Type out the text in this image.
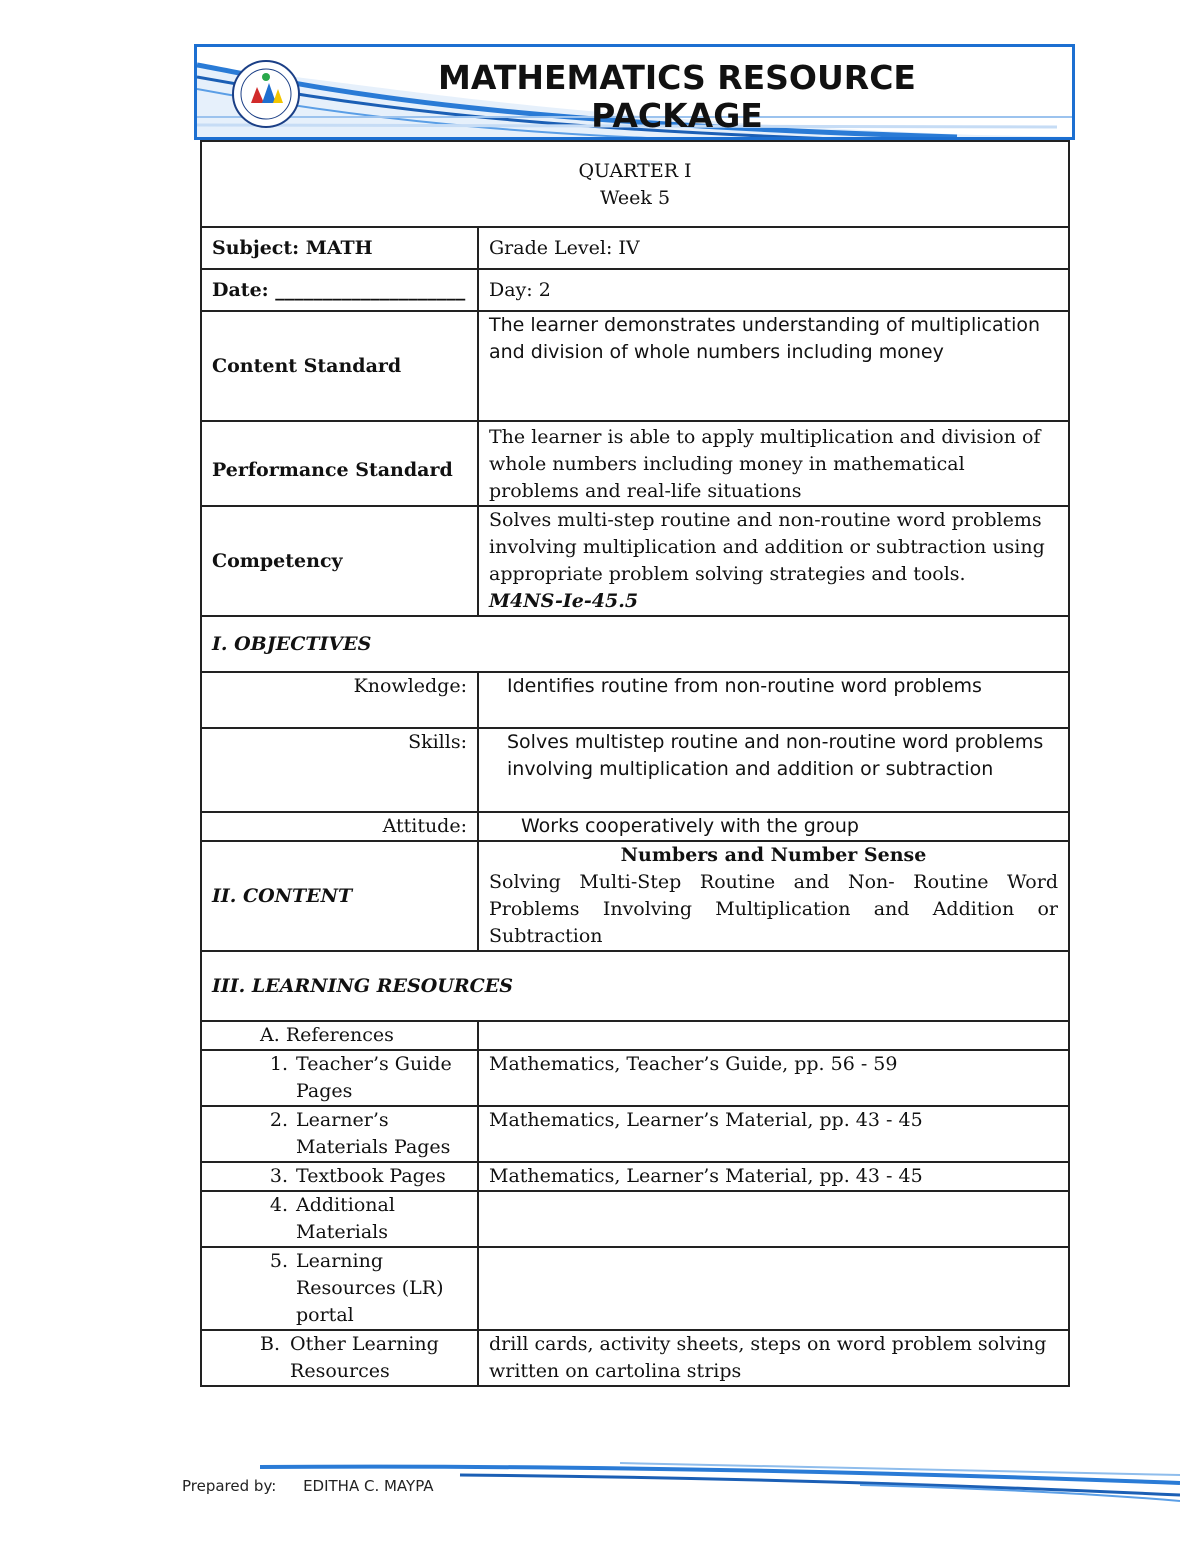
MATHEMATICS RESOURCE
PACKAGE
QUARTER I
Week 5	

Subject: MATH	Grade Level: IV
Date: ____________________	Day: 2
Content Standard	The learner demonstrates understanding of multiplication and division of whole numbers including money
Performance Standard	The learner is able to apply multiplication and division of whole numbers including money in mathematical problems and real-life situations
Competency	Solves multi-step routine and non-routine word problems involving multiplication and addition or subtraction using appropriate problem solving strategies and tools.
M4NS-Ie-45.5

I. OBJECTIVES	
Knowledge:	Identifies routine from non-routine word problems
Skills:	Solves multistep routine and non-routine word problems involving multiplication and addition or subtraction
Attitude:	Works cooperatively with the group
II. CONTENT	Numbers and Number Sense
Solving Multi-Step Routine and Non- Routine Word Problems Involving Multiplication and Addition or Subtraction

III. LEARNING RESOURCES	
A. References	

1. Teacher’s Guide Pages	Mathematics, Teacher’s Guide, pp. 56 - 59

2. Learner’s Materials Pages	Mathematics, Learner’s Material, pp. 43 - 45

3. Textbook Pages	Mathematics, Learner’s Material, pp. 43 - 45

4. Additional Materials	

5. Learning Resources (LR) portal	

B. Other Learning Resources	drill cards, activity sheets, steps on word problem solving written on cartolina strips
Prepared by: EDITHA C. MAYPA
